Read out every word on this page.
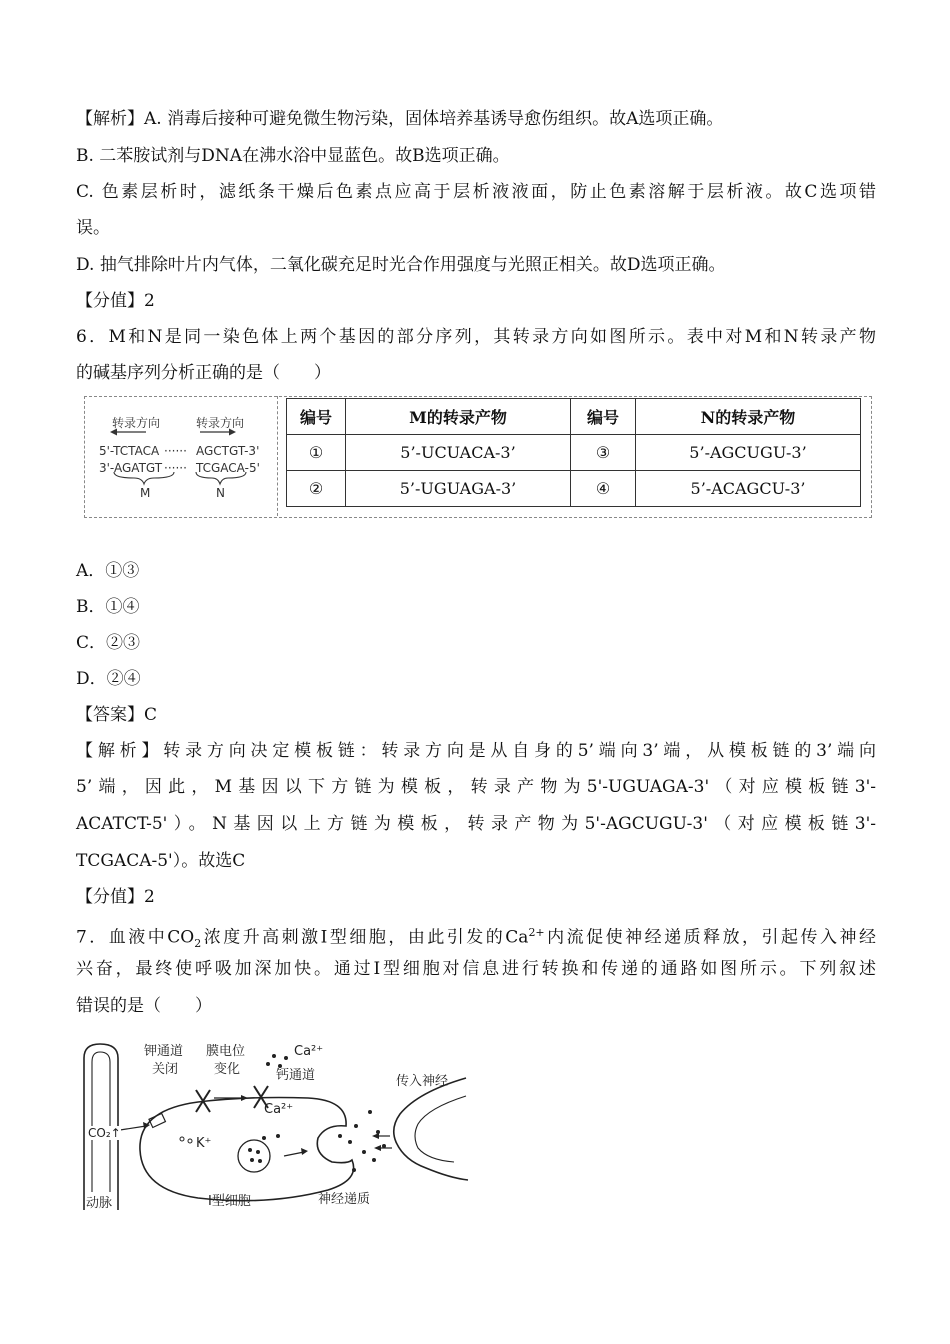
【解析】A. 消毒后接种可避免微生物污染，固体培养基诱导愈伤组织。故A选项正确。
B. 二苯胺试剂与DNA在沸水浴中显蓝色。故B选项正确。
C. 色素层析时，滤纸条干燥后色素点应高于层析液液面，防止色素溶解于层析液。故C选项错
误。
D. 抽气排除叶片内气体，二氧化碳充足时光合作用强度与光照正相关。故D选项正确。
【分值】2
6．M和N是同一染色体上两个基因的部分序列，其转录方向如图所示。表中对M和N转录产物
的碱基序列分析正确的是（　　）
转录方向	转录方向
5'-TCTACA ······ AGCTGT-3'
3'-AGATGT ······ TCGACA-5'
M	N
编号	M的转录产物	编号	N的转录产物
①	5’-UCUACA-3’	③	5’-AGCUGU-3’
②	5’-UGUAGA-3’	④	5’-ACAGCU-3’
A．①③
B．①④
C．②③
D．②④
【答案】C
【解析】转录方向决定模板链：转录方向是从自身的5’端向3’端，从模板链的3’端向
5’端，因此，M基因以下方链为模板，转录产物为5'-UGUAGA-3'（对应模板链3'-
ACATCT-5'）。N基因以上方链为模板，转录产物为5'-AGCUGU-3'（对应模板链3'-
TCGACA-5'）。故选C
【分值】2
7．血液中$CO_2$浓度升高刺激Ⅰ型细胞，由此引发的$Ca^{2+}$内流促使神经递质释放，引起传入神经
兴奋，最终使呼吸加深加快。通过Ⅰ型细胞对信息进行转换和传递的通路如图所示。下列叙述
错误的是（　　）
钾通道
关闭
膜电位
变化
Ca²⁺
钙通道
Ca²⁺
K⁺
传入神经
CO₂↑
动脉	神经递质
Ⅰ型细胞
